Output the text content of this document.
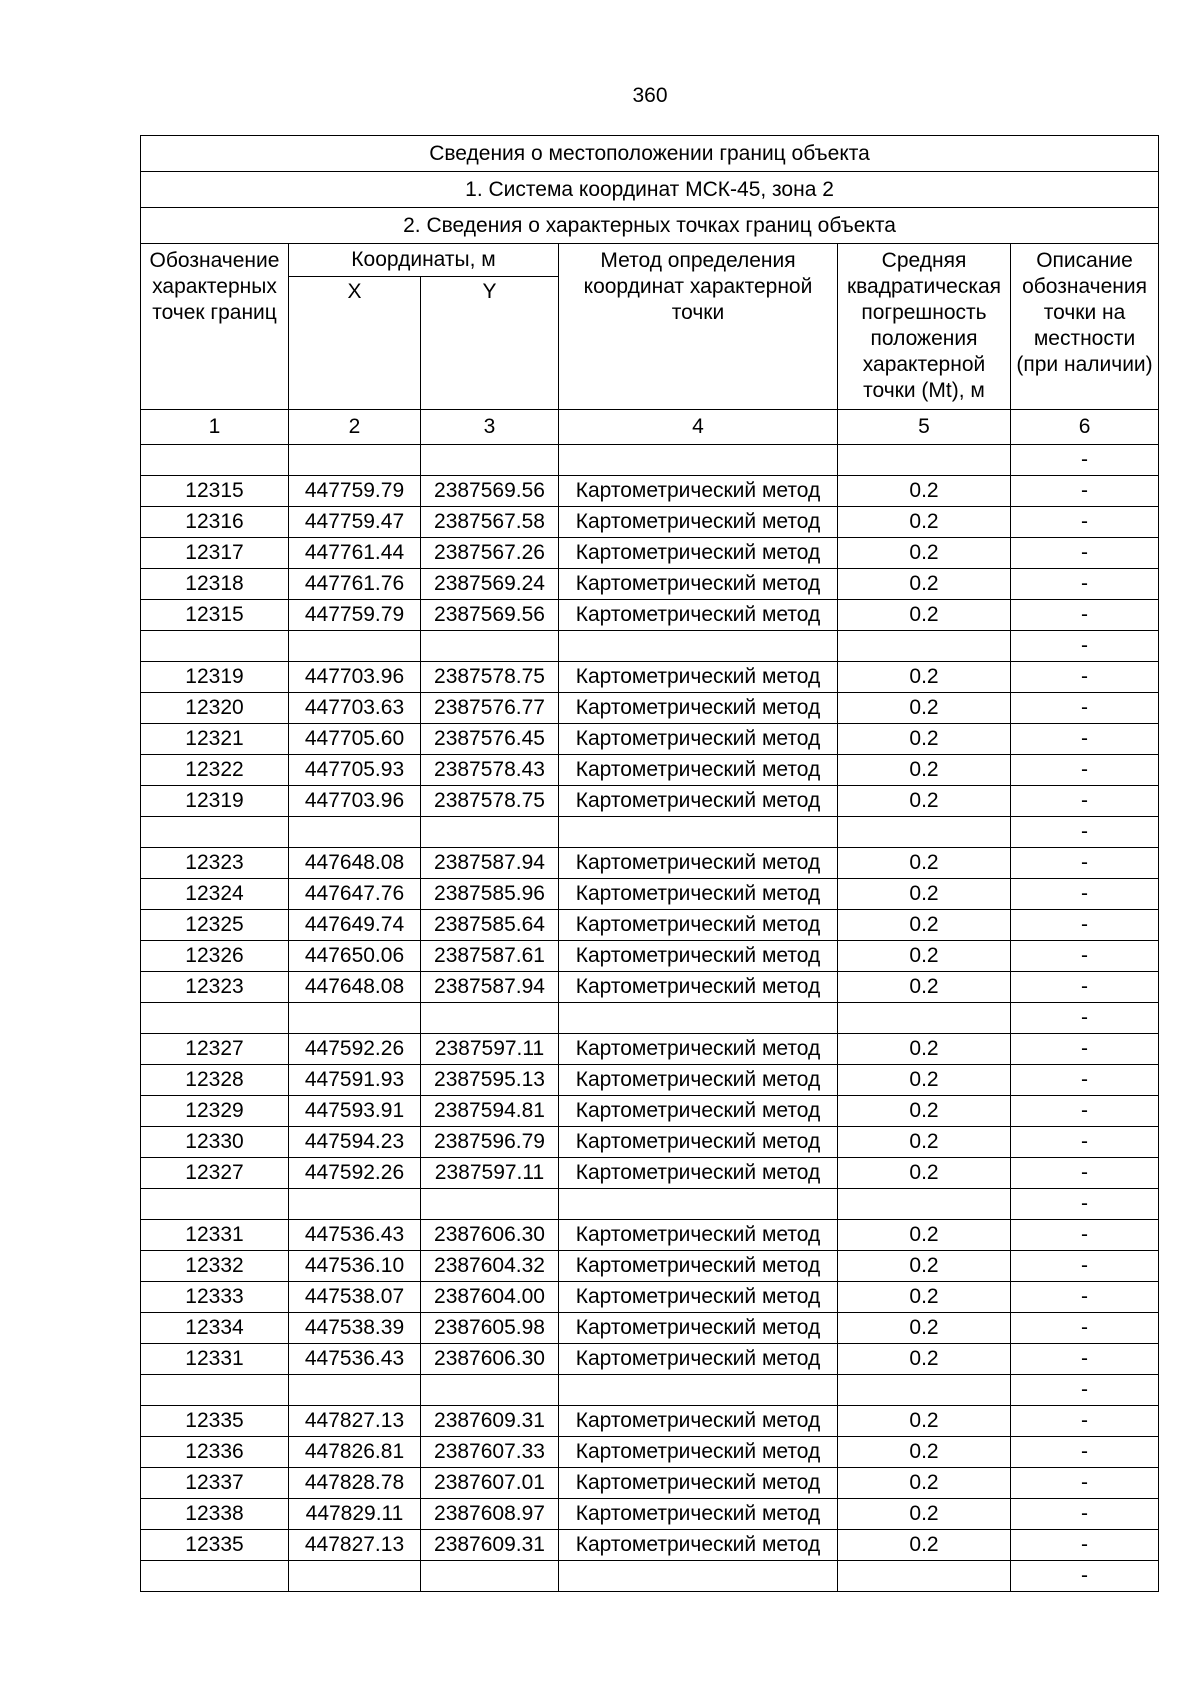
360
Сведения о местоположении границ объекта					
1. Система координат МСК-45, зона 2					
2. Сведения о характерных точках границ объекта					
Обозначение характерных точек границ	Координаты, м		Метод определения координат характерной точки	Средняя квадратическая погрешность положения характерной точки (Mt), м	Описание обозначения точки на местности (при наличии)
	X	Y			
1	2	3	4	5	6
					-
12315	447759.79	2387569.56	Картометрический метод	0.2	-
12316	447759.47	2387567.58	Картометрический метод	0.2	-
12317	447761.44	2387567.26	Картометрический метод	0.2	-
12318	447761.76	2387569.24	Картометрический метод	0.2	-
12315	447759.79	2387569.56	Картометрический метод	0.2	-
					-
12319	447703.96	2387578.75	Картометрический метод	0.2	-
12320	447703.63	2387576.77	Картометрический метод	0.2	-
12321	447705.60	2387576.45	Картометрический метод	0.2	-
12322	447705.93	2387578.43	Картометрический метод	0.2	-
12319	447703.96	2387578.75	Картометрический метод	0.2	-
					-
12323	447648.08	2387587.94	Картометрический метод	0.2	-
12324	447647.76	2387585.96	Картометрический метод	0.2	-
12325	447649.74	2387585.64	Картометрический метод	0.2	-
12326	447650.06	2387587.61	Картометрический метод	0.2	-
12323	447648.08	2387587.94	Картометрический метод	0.2	-
					-
12327	447592.26	2387597.11	Картометрический метод	0.2	-
12328	447591.93	2387595.13	Картометрический метод	0.2	-
12329	447593.91	2387594.81	Картометрический метод	0.2	-
12330	447594.23	2387596.79	Картометрический метод	0.2	-
12327	447592.26	2387597.11	Картометрический метод	0.2	-
					-
12331	447536.43	2387606.30	Картометрический метод	0.2	-
12332	447536.10	2387604.32	Картометрический метод	0.2	-
12333	447538.07	2387604.00	Картометрический метод	0.2	-
12334	447538.39	2387605.98	Картометрический метод	0.2	-
12331	447536.43	2387606.30	Картометрический метод	0.2	-
					-
12335	447827.13	2387609.31	Картометрический метод	0.2	-
12336	447826.81	2387607.33	Картометрический метод	0.2	-
12337	447828.78	2387607.01	Картометрический метод	0.2	-
12338	447829.11	2387608.97	Картометрический метод	0.2	-
12335	447827.13	2387609.31	Картометрический метод	0.2	-
					-
